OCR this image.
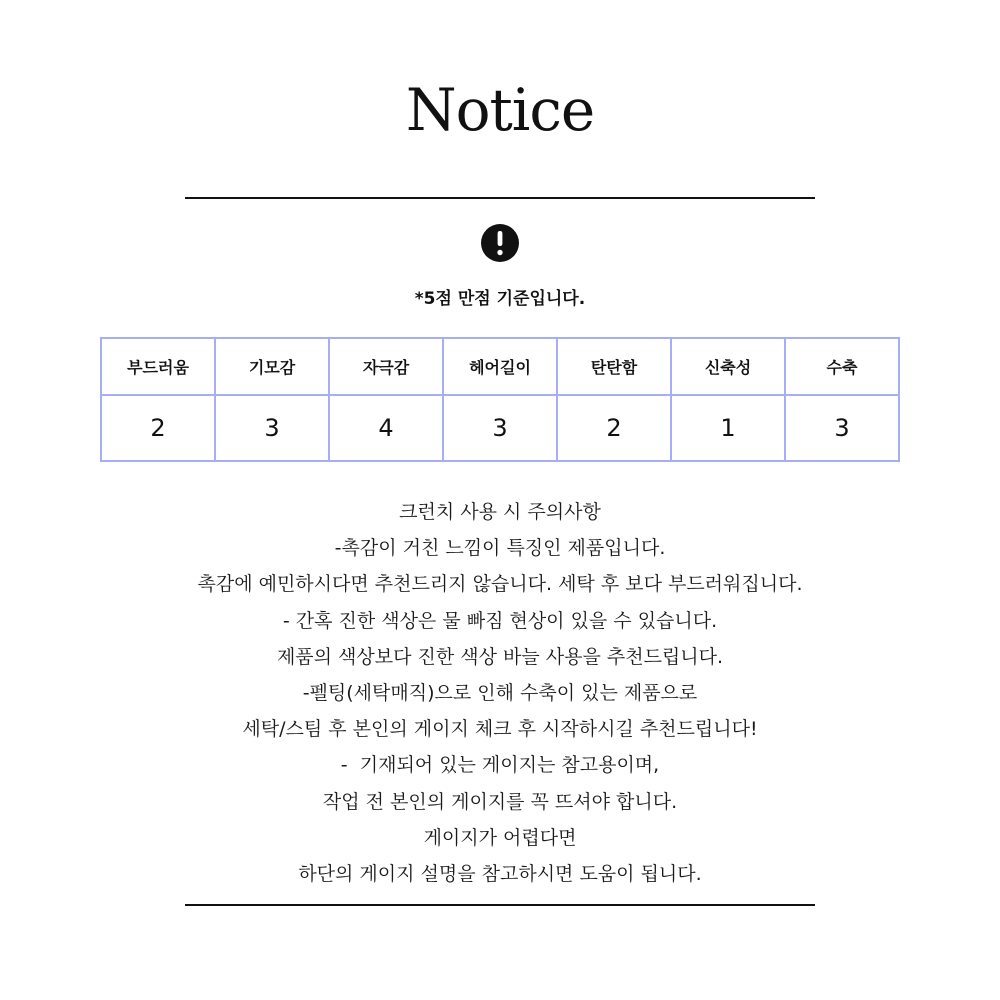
Notice
*5점 만점 기준입니다.
부드러움	기모감	자극감	헤어길이	탄탄함	신축성	수축
2	3	4	3	2	1	3
크런치 사용 시 주의사항
-촉감이 거친 느낌이 특징인 제품입니다.
촉감에 예민하시다면 추천드리지 않습니다. 세탁 후 보다 부드러워집니다.
- 간혹 진한 색상은 물 빠짐 현상이 있을 수 있습니다.
제품의 색상보다 진한 색상 바늘 사용을 추천드립니다.
-펠팅(세탁매직)으로 인해 수축이 있는 제품으로
세탁/스팀 후 본인의 게이지 체크 후 시작하시길 추천드립니다!
-  기재되어 있는 게이지는 참고용이며,
작업 전 본인의 게이지를 꼭 뜨셔야 합니다.
게이지가 어렵다면
하단의 게이지 설명을 참고하시면 도움이 됩니다.
